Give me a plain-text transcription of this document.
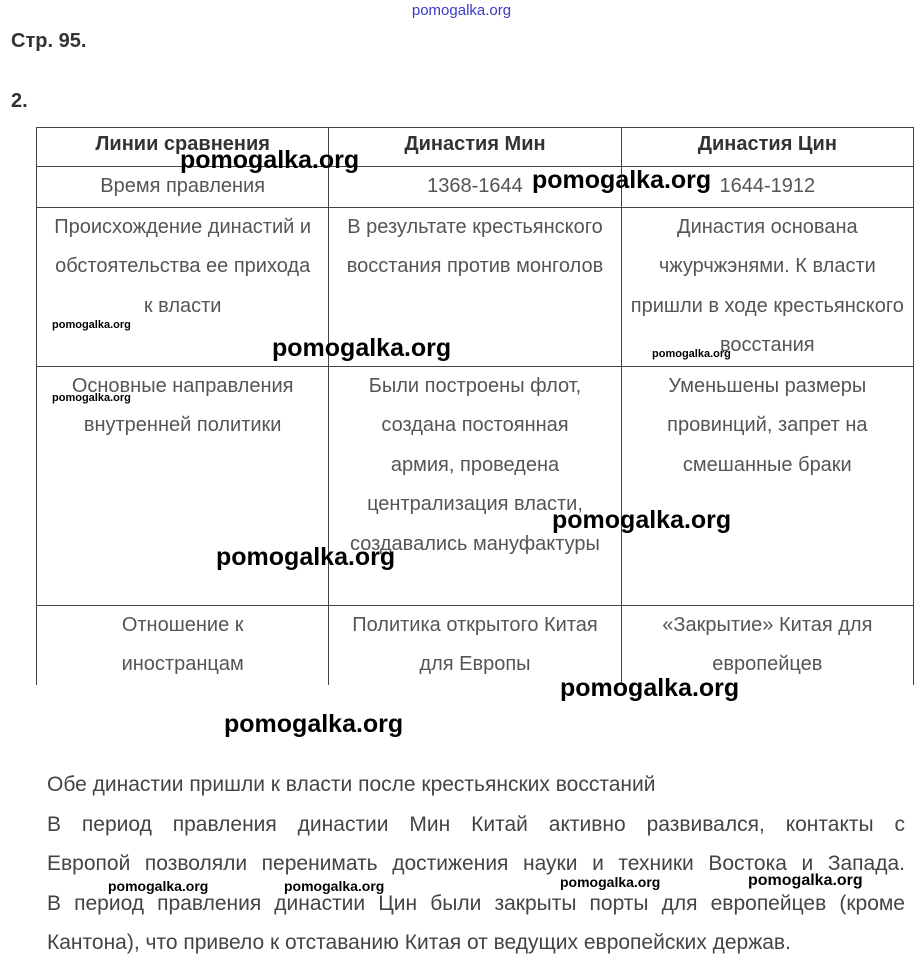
pomogalka.org
Стр. 95.
2.
Линии сравнения	Династия Мин	Династия Цин
Время правления	1368-1644	1644-1912
Происхождение династий и обстоятельства ее прихода к власти	В результате крестьянского восстания против монголов	Династия основана чжурчжэнями. К власти пришли в ходе крестьянского восстания
Основные направления внутренней политики	Были построены флот, создана постоянная армия, проведена централизация власти, создавались мануфактуры	Уменьшены размеры провинций, запрет на смешанные браки
Отношение к иностранцам	Политика открытого Китая для Европы	«Закрытие» Китая для европейцев
Обе династии пришли к власти после крестьянских восстаний
В период правления династии Мин Китай активно развивался, контакты с
Европой позволяли перенимать достижения науки и техники Востока и Запада.
В период правления династии Цин были закрыты порты для европейцев (кроме
Кантона), что привело к отставанию Китая от ведущих европейских держав.
pomogalka.org
pomogalka.org
pomogalka.org
pomogalka.org	pomogalka.org
pomogalka.org
pomogalka.org
pomogalka.org
pomogalka.org
pomogalka.org
pomogalka.org	pomogalka.org	pomogalka.org	pomogalka.org
